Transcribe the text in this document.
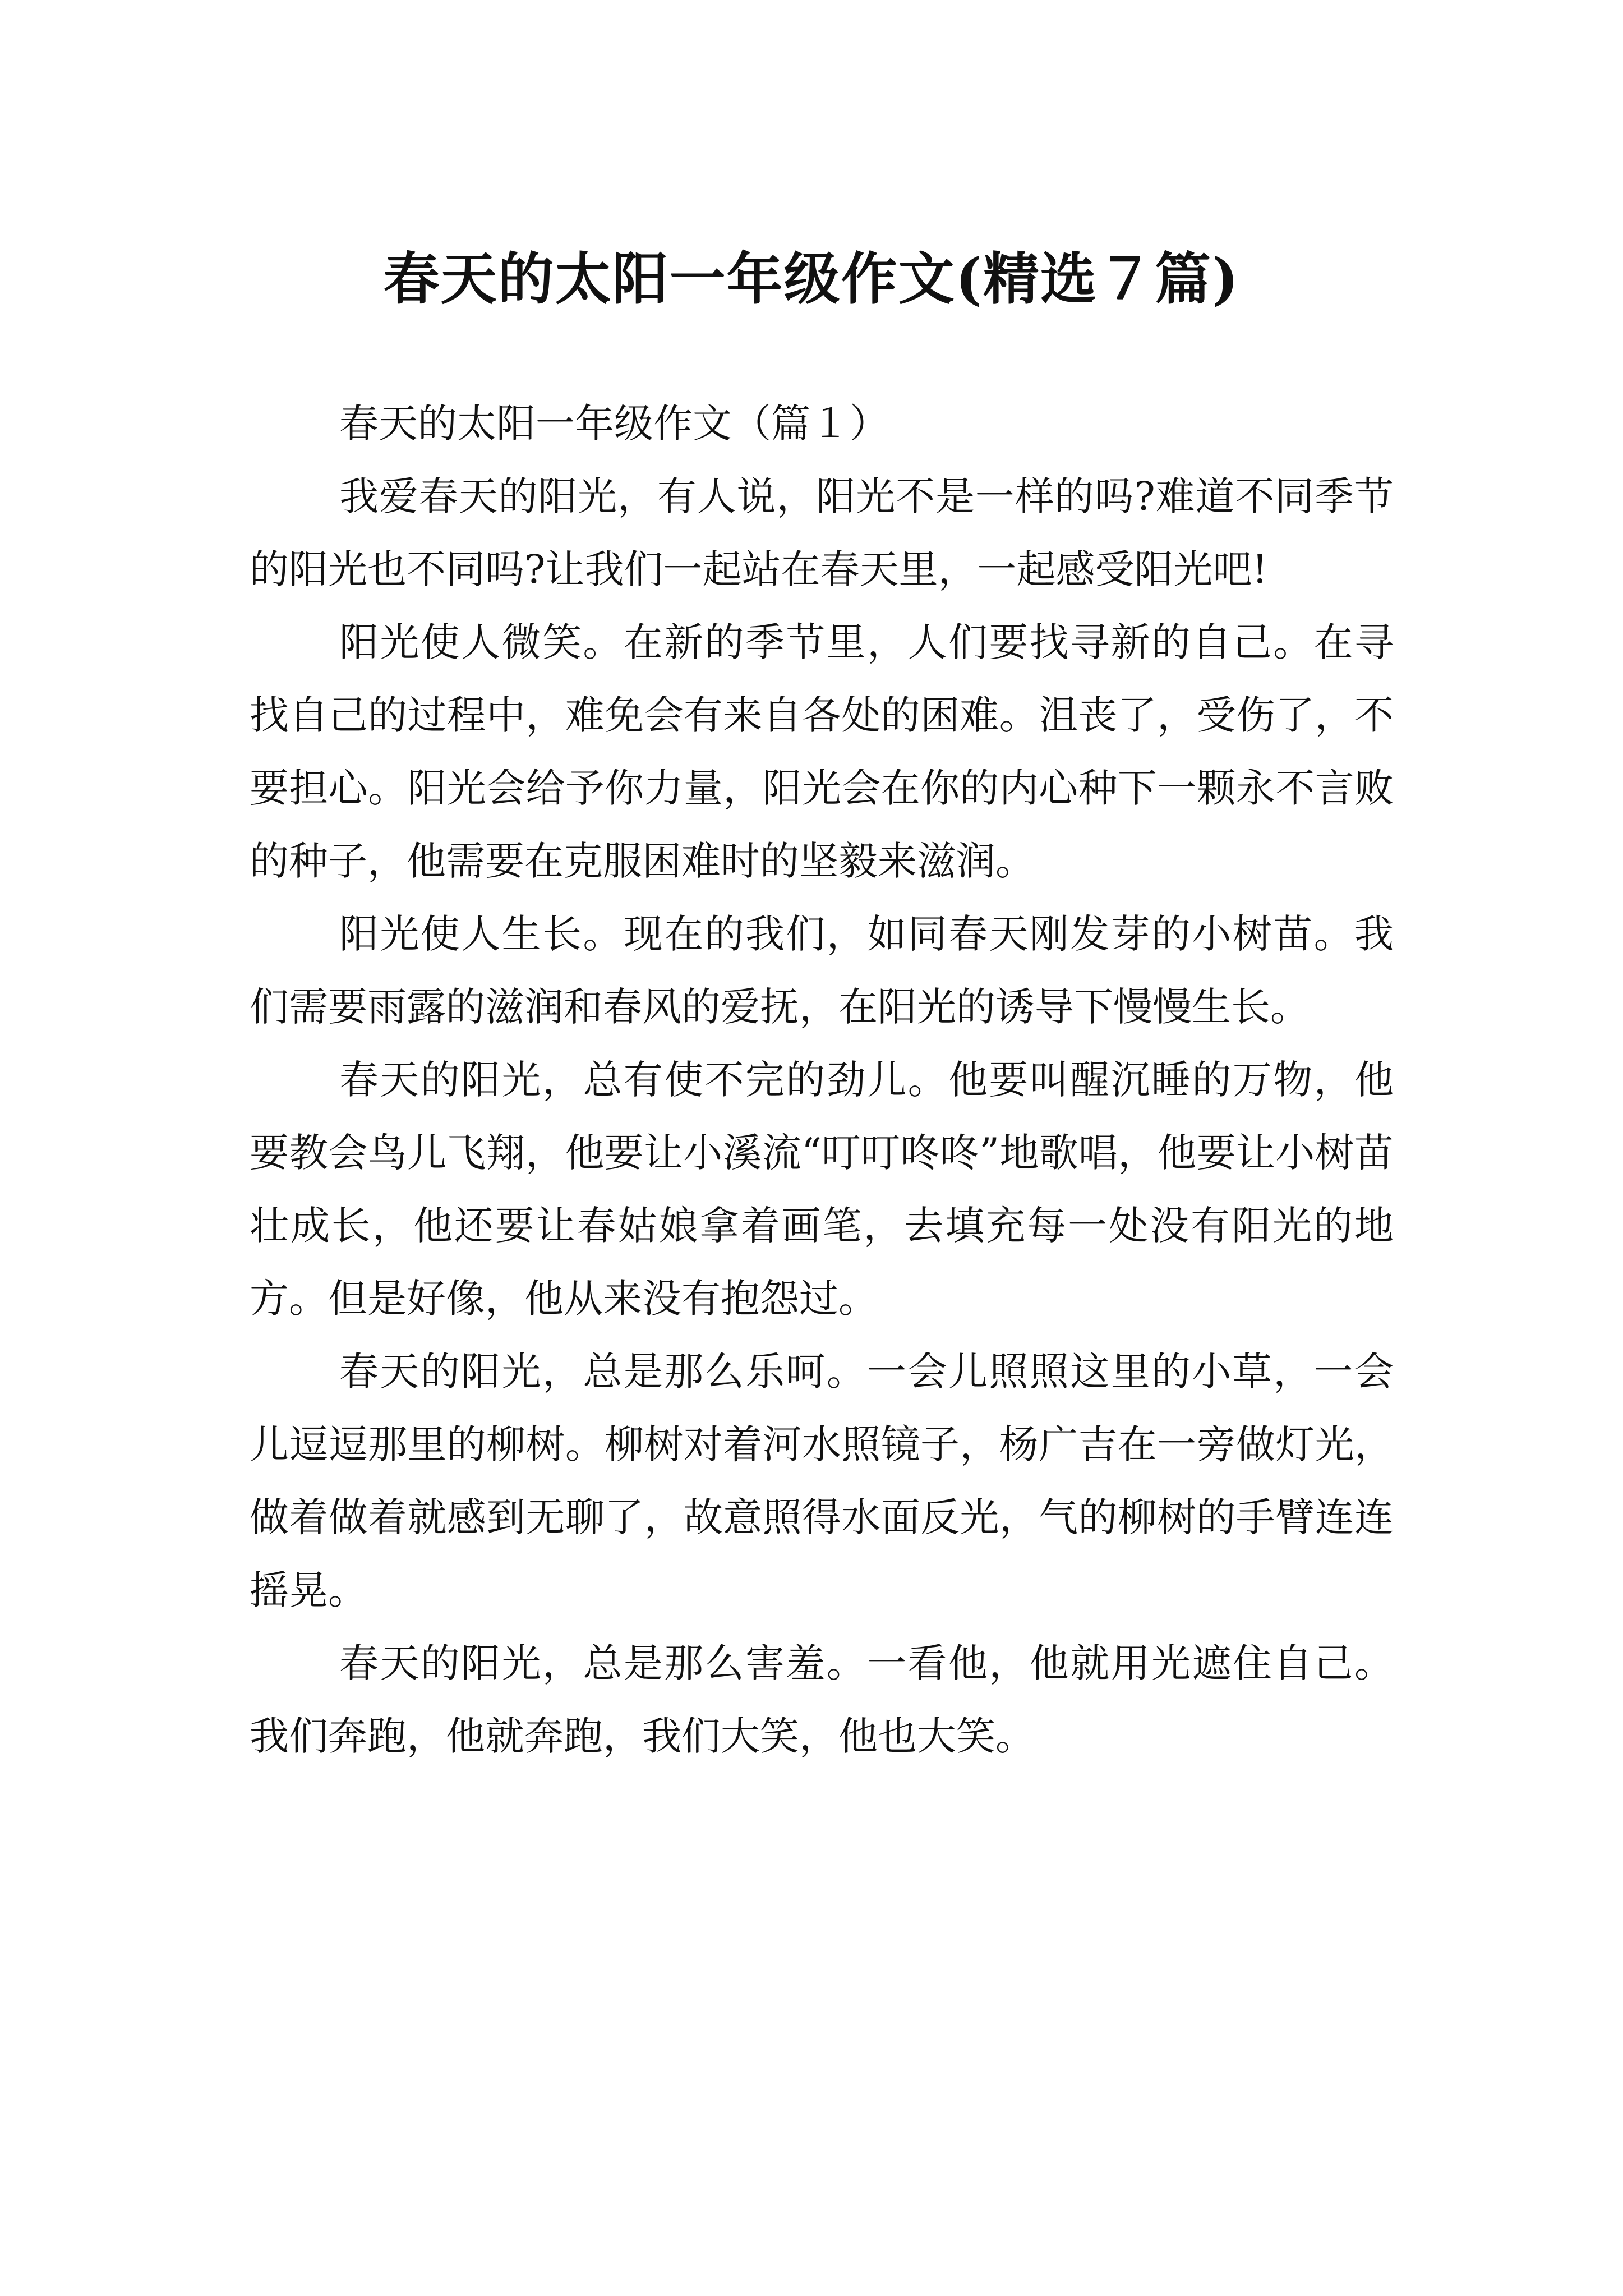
春天的太阳一年级作文(精选７篇)

春天的太阳一年级作文（篇１）

我爱春天的阳光，有人说，阳光不是一样的吗?难道不同季节的阳光也不同吗?让我们一起站在春天里，一起感受阳光吧!

阳光使人微笑。在新的季节里，人们要找寻新的自己。在寻找自己的过程中，难免会有来自各处的困难。沮丧了，受伤了，不要担心。阳光会给予你力量，阳光会在你的内心种下一颗永不言败的种子，他需要在克服困难时的坚毅来滋润。

阳光使人生长。现在的我们，如同春天刚发芽的小树苗。我们需要雨露的滋润和春风的爱抚，在阳光的诱导下慢慢生长。

春天的阳光，总有使不完的劲儿。他要叫醒沉睡的万物，他要教会鸟儿飞翔，他要让小溪流“叮叮咚咚”地歌唱，他要让小树苗壮成长，他还要让春姑娘拿着画笔，去填充每一处没有阳光的地方。但是好像，他从来没有抱怨过。

春天的阳光，总是那么乐呵。一会儿照照这里的小草，一会儿逗逗那里的柳树。柳树对着河水照镜子，杨广吉在一旁做灯光，做着做着就感到无聊了，故意照得水面反光，气的柳树的手臂连连摇晃。

春天的阳光，总是那么害羞。一看他，他就用光遮住自己。我们奔跑，他就奔跑，我们大笑，他也大笑。
